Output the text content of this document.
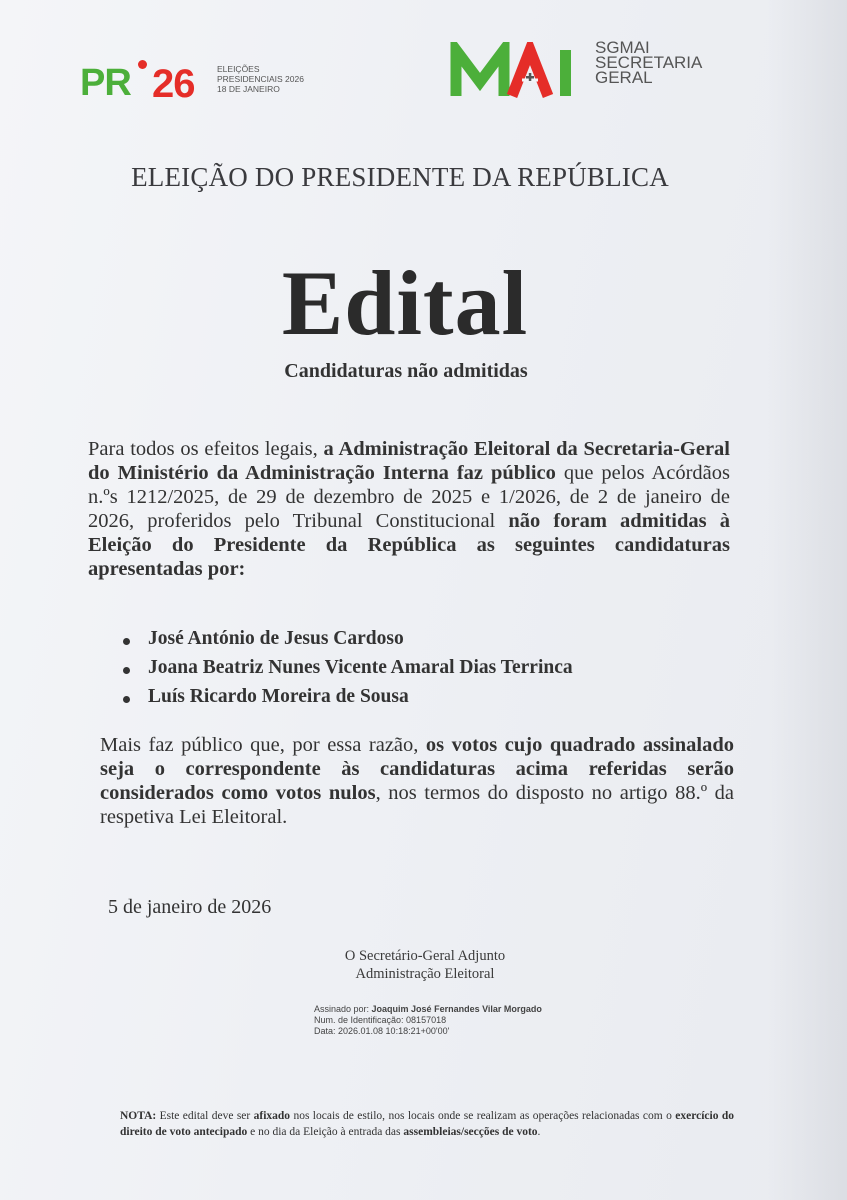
PR 26	ELEIÇÕES
PRESIDENCIAIS 2026
18 DE JANEIRO
SGMAI
SECRETARIA
GERAL
ELEIÇÃO DO PRESIDENTE DA REPÚBLICA
Edital
Candidaturas não admitidas
Para todos os efeitos legais, a Administração Eleitoral da Secretaria-Geral do Ministério da Administração Interna faz público que pelos Acórdãos n.ºs 1212/2025, de 29 de dezembro de 2025 e 1/2026, de 2 de janeiro de 2026, proferidos pelo Tribunal Constitucional não foram admitidas à Eleição do Presidente da República as seguintes candidaturas apresentadas por:
José António de Jesus Cardoso
Joana Beatriz Nunes Vicente Amaral Dias Terrinca
Luís Ricardo Moreira de Sousa
Mais faz público que, por essa razão, os votos cujo quadrado assinalado seja o correspondente às candidaturas acima referidas serão considerados como votos nulos, nos termos do disposto no artigo 88.º da respetiva Lei Eleitoral.
5 de janeiro de 2026
O Secretário-Geral Adjunto
Administração Eleitoral
Assinado por: Joaquim José Fernandes Vilar Morgado
Num. de Identificação: 08157018
Data: 2026.01.08 10:18:21+00'00'
NOTA: Este edital deve ser afixado nos locais de estilo, nos locais onde se realizam as operações relacionadas com o exercício do direito de voto antecipado e no dia da Eleição à entrada das assembleias/secções de voto.
